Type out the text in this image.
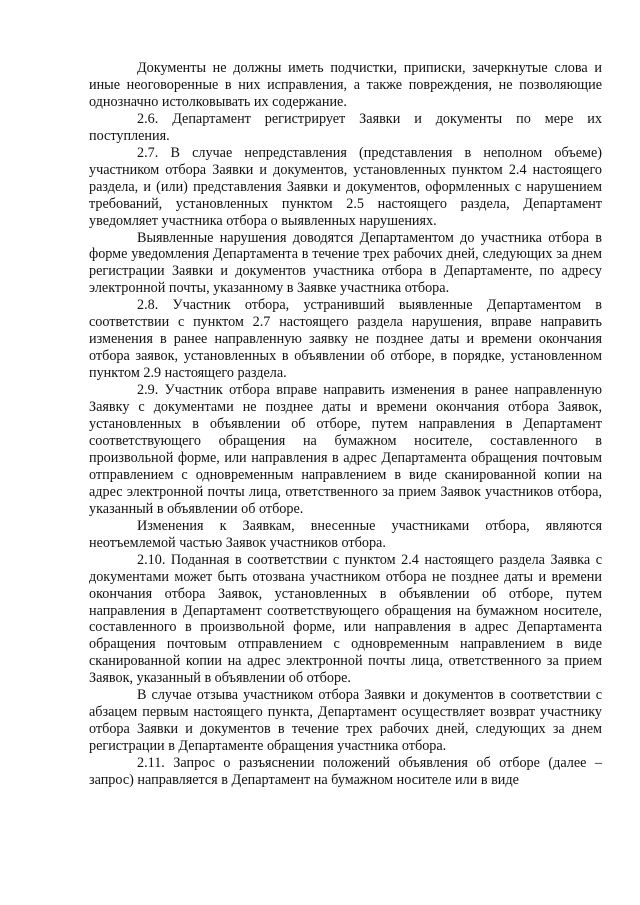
Документы не должны иметь подчистки, приписки, зачеркнутые слова и иные неоговоренные в них исправления, а также повреждения, не позволяющие однозначно истолковывать их содержание.

2.6. Департамент регистрирует Заявки и документы по мере их поступления.

2.7. В случае непредставления (представления в неполном объеме) участником отбора Заявки и документов, установленных пунктом 2.4 настоящего раздела, и (или) представления Заявки и документов, оформленных с нарушением требований, установленных пунктом 2.5 настоящего раздела, Департамент уведомляет участника отбора о выявленных нарушениях.

Выявленные нарушения доводятся Департаментом до участника отбора в форме уведомления Департамента в течение трех рабочих дней, следующих за днем регистрации Заявки и документов участника отбора в Департаменте, по адресу электронной почты, указанному в Заявке участника отбора.

2.8. Участник отбора, устранивший выявленные Департаментом в соответствии с пунктом 2.7 настоящего раздела нарушения, вправе направить изменения в ранее направленную заявку не позднее даты и времени окончания отбора заявок, установленных в объявлении об отборе, в порядке, установленном пунктом 2.9 настоящего раздела.

2.9. Участник отбора вправе направить изменения в ранее направленную Заявку с документами не позднее даты и времени окончания отбора Заявок, установленных в объявлении об отборе, путем направления в Департамент соответствующего обращения на бумажном носителе, составленного в произвольной форме, или направления в адрес Департамента обращения почтовым отправлением с одновременным направлением в виде сканированной копии на адрес электронной почты лица, ответственного за прием Заявок участников отбора, указанный в объявлении об отборе.

Изменения к Заявкам, внесенные участниками отбора, являются неотъемлемой частью Заявок участников отбора.

2.10. Поданная в соответствии с пунктом 2.4 настоящего раздела Заявка с документами может быть отозвана участником отбора не позднее даты и времени окончания отбора Заявок, установленных в объявлении об отборе, путем направления в Департамент соответствующего обращения на бумажном носителе, составленного в произвольной форме, или направления в адрес Департамента обращения почтовым отправлением с одновременным направлением в виде сканированной копии на адрес электронной почты лица, ответственного за прием Заявок, указанный в объявлении об отборе.

В случае отзыва участником отбора Заявки и документов в соответствии с абзацем первым настоящего пункта, Департамент осуществляет возврат участнику отбора Заявки и документов в течение трех рабочих дней, следующих за днем регистрации в Департаменте обращения участника отбора.

2.11. Запрос о разъяснении положений объявления об отборе (далее – запрос) направляется в Департамент на бумажном носителе или в виде
